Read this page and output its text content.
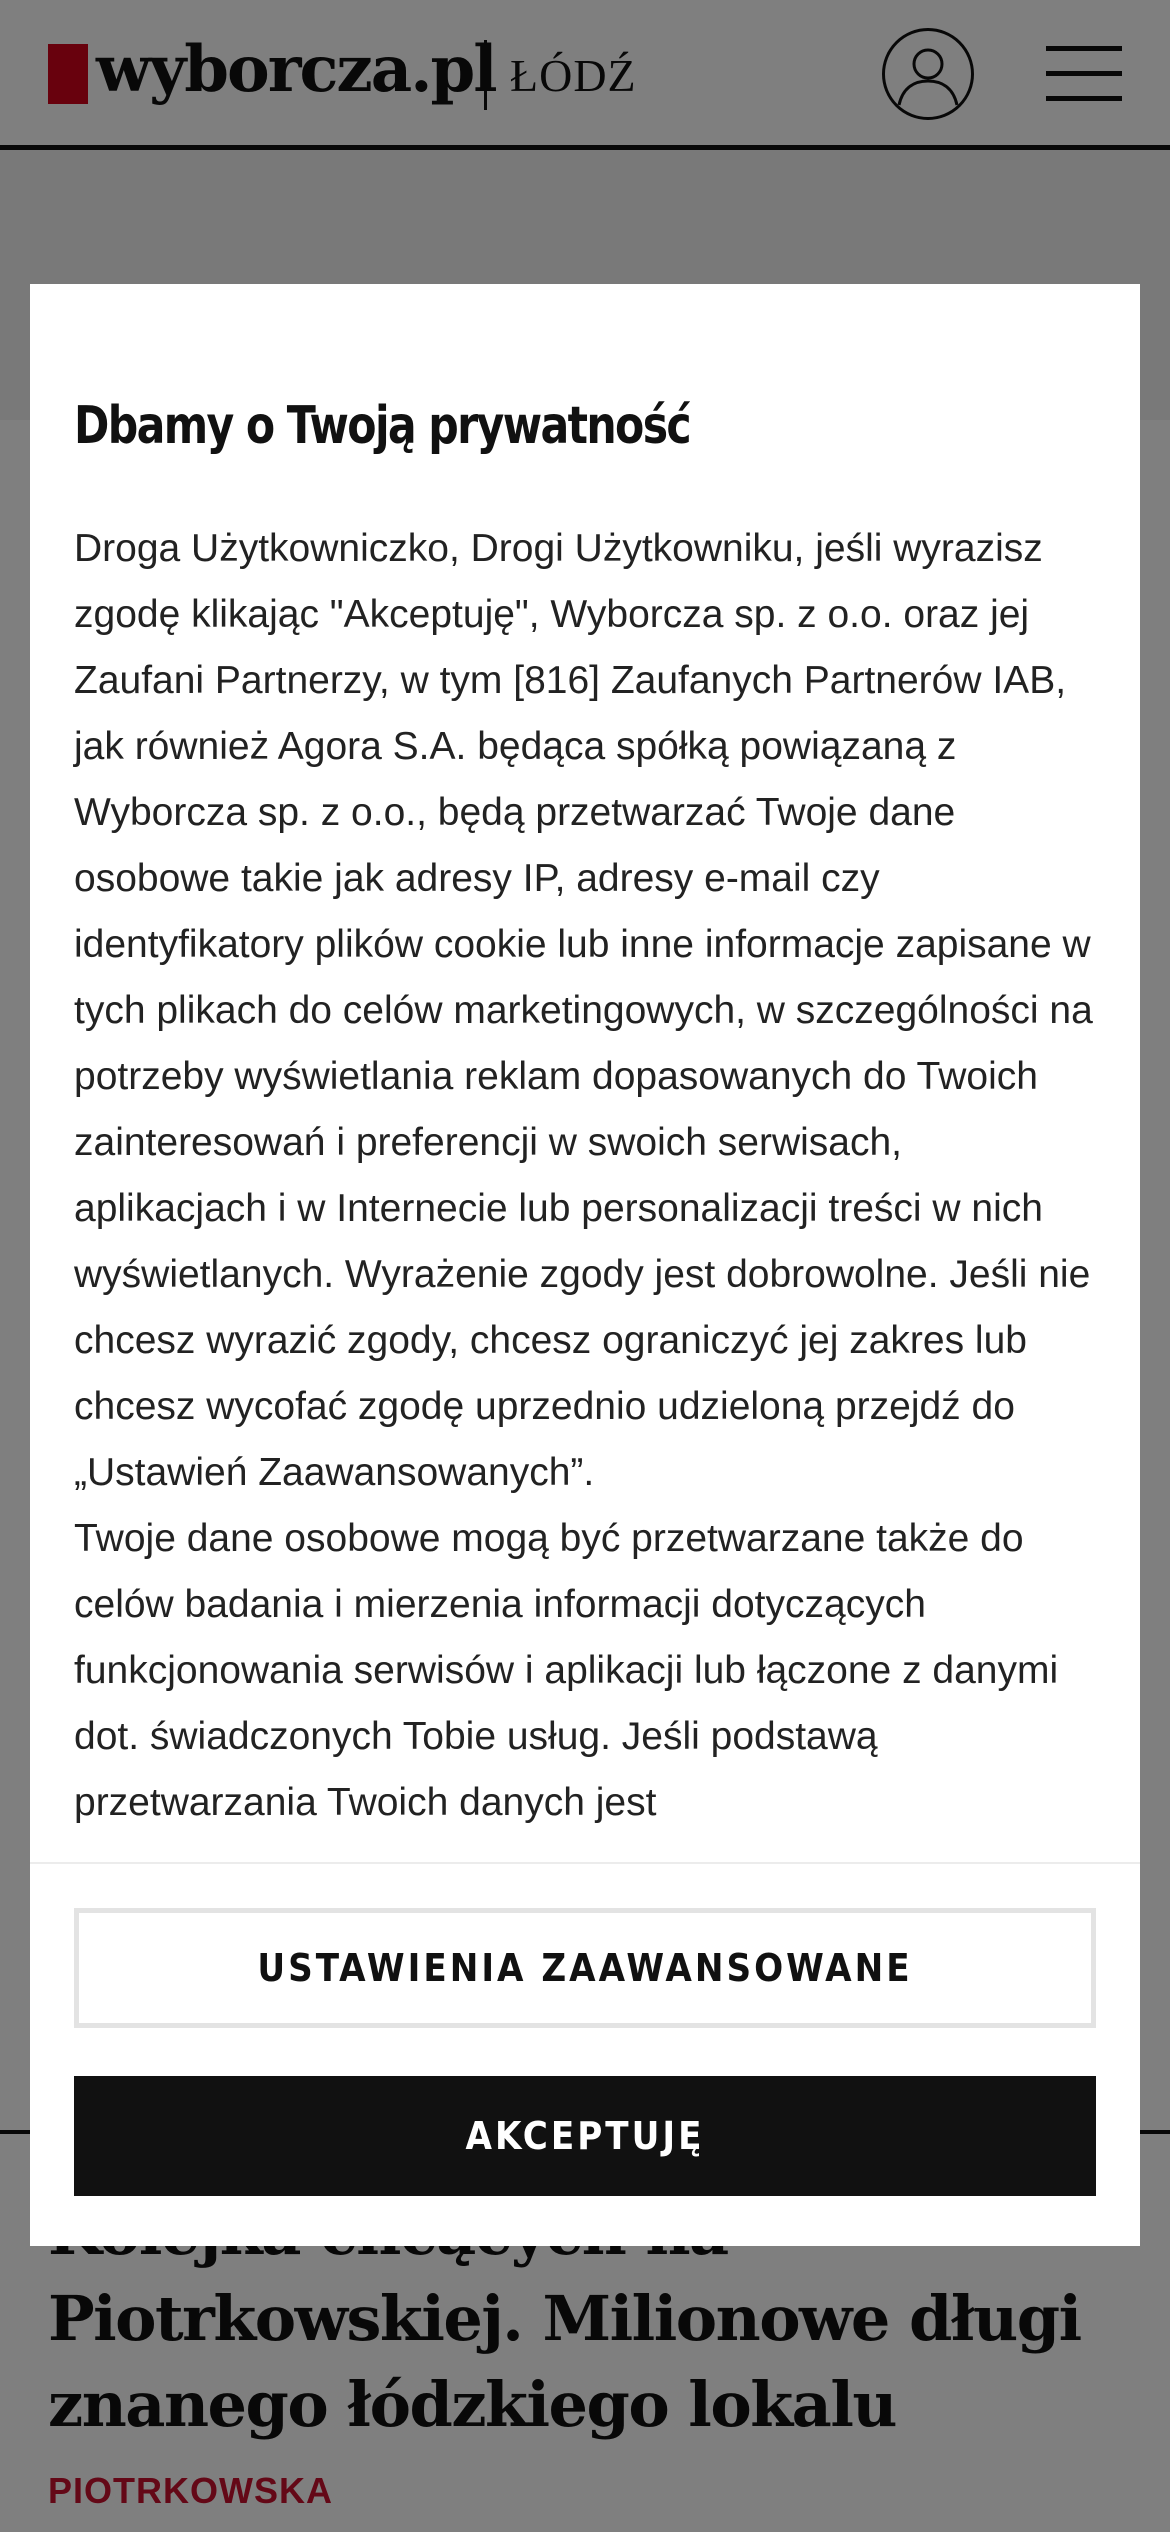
Dbamy o Twoją prywatność

Droga Użytkowniczko, Drogi Użytkowniku, jeśli wyrazisz zgodę klikając "Akceptuję", Wyborcza sp. z o.o. oraz jej Zaufani Partnerzy, w tym [816] Zaufanych Partnerów IAB, jak również Agora S.A. będąca spółką powiązaną z Wyborcza sp. z o.o., będą przetwarzać Twoje dane osobowe takie jak adresy IP, adresy e-mail czy identyfikatory plików cookie lub inne informacje zapisane w tych plikach do celów marketingowych, w szczególności na potrzeby wyświetlania reklam dopasowanych do Twoich zainteresowań i preferencji w swoich serwisach, aplikacjach i w Internecie lub personalizacji treści w nich wyświetlanych. Wyrażenie zgody jest dobrowolne. Jeśli nie chcesz wyrazić zgody, chcesz ograniczyć jej zakres lub chcesz wycofać zgodę uprzednio udzieloną przejdź do „Ustawień Zaawansowanych”.

Twoje dane osobowe mogą być przetwarzane także do celów badania i mierzenia informacji dotyczących funkcjonowania serwisów i aplikacji lub łączone z danymi dot. świadczonych Tobie usług. Jeśli podstawą przetwarzania Twoich danych jest

USTAWIENIA ZAAWANSOWANE
AKCEPTUJĘ
